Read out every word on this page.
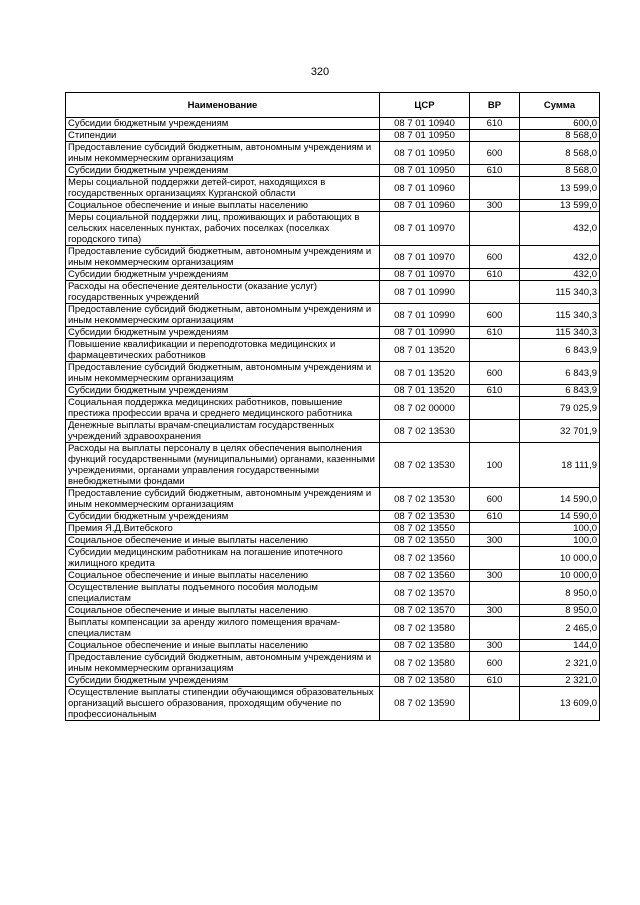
320
Наименование	ЦСР	ВР	Сумма
Субсидии бюджетным учреждениям	08 7 01 10940	610	600,0
Стипендии	08 7 01 10950		8 568,0
Предоставление субсидий бюджетным, автономным учреждениям и иным некоммерческим организациям	08 7 01 10950	600	8 568,0
Субсидии бюджетным учреждениям	08 7 01 10950	610	8 568,0
Меры социальной поддержки детей-сирот, находящихся в государственных организациях Курганской области	08 7 01 10960		13 599,0
Социальное обеспечение и иные выплаты населению	08 7 01 10960	300	13 599,0
Меры социальной поддержки лиц, проживающих и работающих в сельских населенных пунктах, рабочих поселках (поселках городского типа)	08 7 01 10970		432,0
Предоставление субсидий бюджетным, автономным учреждениям и иным некоммерческим организациям	08 7 01 10970	600	432,0
Субсидии бюджетным учреждениям	08 7 01 10970	610	432,0
Расходы на обеспечение деятельности (оказание услуг) государственных учреждений	08 7 01 10990		115 340,3
Предоставление субсидий бюджетным, автономным учреждениям и иным некоммерческим организациям	08 7 01 10990	600	115 340,3
Субсидии бюджетным учреждениям	08 7 01 10990	610	115 340,3
Повышение квалификации и переподготовка медицинских и фармацевтических работников	08 7 01 13520		6 843,9
Предоставление субсидий бюджетным, автономным учреждениям и иным некоммерческим организациям	08 7 01 13520	600	6 843,9
Субсидии бюджетным учреждениям	08 7 01 13520	610	6 843,9
Социальная поддержка медицинских работников, повышение престижа профессии врача и среднего медицинского работника	08 7 02 00000		79 025,9
Денежные выплаты врачам-специалистам государственных учреждений здравоохранения	08 7 02 13530		32 701,9
Расходы на выплаты персоналу в целях обеспечения выполнения функций государственными (муниципальными) органами, казенными учреждениями, органами управления государственными внебюджетными фондами	08 7 02 13530	100	18 111,9
Предоставление субсидий бюджетным, автономным учреждениям и иным некоммерческим организациям	08 7 02 13530	600	14 590,0
Субсидии бюджетным учреждениям	08 7 02 13530	610	14 590,0
Премия Я.Д.Витебского	08 7 02 13550		100,0
Социальное обеспечение и иные выплаты населению	08 7 02 13550	300	100,0
Субсидии медицинским работникам на погашение ипотечного жилищного кредита	08 7 02 13560		10 000,0
Социальное обеспечение и иные выплаты населению	08 7 02 13560	300	10 000,0
Осуществление выплаты подъемного пособия молодым специалистам	08 7 02 13570		8 950,0
Социальное обеспечение и иные выплаты населению	08 7 02 13570	300	8 950,0
Выплаты компенсации за аренду жилого помещения врачам-специалистам	08 7 02 13580		2 465,0
Социальное обеспечение и иные выплаты населению	08 7 02 13580	300	144,0
Предоставление субсидий бюджетным, автономным учреждениям и иным некоммерческим организациям	08 7 02 13580	600	2 321,0
Субсидии бюджетным учреждениям	08 7 02 13580	610	2 321,0
Осуществление выплаты стипендии обучающимся образовательных организаций высшего образования, проходящим обучение по профессиональным	08 7 02 13590		13 609,0
